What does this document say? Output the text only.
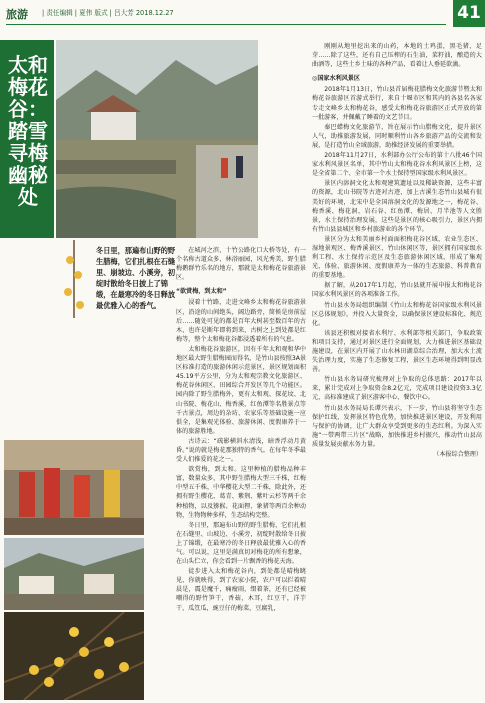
旅游 | 责任编辑 | 夏伟 版式 | 吕大芳 2018.12.27	41
太和梅花谷：踏雪寻梅幽秘处
冬日里，那遍布山野的野生腊梅，它们扎根在石缝里、崩坡边、小溪旁，初绽时散给冬日披上了锦缎，在最寒冷的冬日释放最优雅入心的香气。

在城河之滨，十竹公路化口大桥等处，有一个名称古道众多、林浴丽园，风光秀美、野生腊梅鹅群竹乐名的地方，那就是太和梅花谷旅游景区。

“欲赏梅，到太和”

浸着十竹路，走进文峰乡太和梅花谷旅游景区，沿途的山间绝头，阔边路旁，简候是房前屋后……随处可见的都是百年大树甚至数百年的古木，也许是断年即将到来，古树之上到处都是红梅等，整个太和梅花谷都浸透着所有的气息。

太和梅花谷旅游区，因有千年太和观和华中地区最大野生腊梅园而得名，是竹山县按照3A景区标准打造的旅游休闲示范景区，景区规划面积45.19平方公里，分为太和观宗教文化旅游区、梅花谷休闲区、田园综合开发区等几个功能区。园内除了野生腊梅外，更有太和观、探花坟、北山书院、梅花山、梅香溪、红鱼潭等名胜景点等千古景点，周边的杂坊、农家乐等基础设施一应俱全，是集观光体验、旅游休闲、度假康养于一体的旅游胜地。

古诗云：“疏影横斜水清浅，暗香浮动月黄昏。”说的就是梅花那独特的香气。在每年冬季最受人们推爱的花之一。

欲赏梅，到太和。这里种植的腊梅品种丰富，数量众多，其中野生腊梅大型三千株，红梅中型五千株，中华樱花大型二千株，除此外，还拥有野生樱花、葛青、紫荆、紫叶云杉等两千余种植物，以及猕猴、花面狸、象猪等两百余种动物，生物物种多样，生态结构完整。

冬日里，那遍布山野的野生腊梅，它们扎根在石缝里、山坡边、小溪旁，初绽时散给冬日披上了锦缎，在最寒冷的冬日释放最优雅入心的香气。可以说，这里是满真切对梅花的所有想象，在山头伫立，你会看到一片飘香的梅花天海。

徒步进入太和梅花谷内，到处都是晴梅眺见、你就映得，到了农家小院，农户可以拦着晴晨是，震是魔千，痛瘤雨，缀着茶，还有已经被嘲得的野竹笋干，香菇，木耳，红豆干，洋芋干，瓜笪瓜，豌豆仔的梅菜，豆腐乳，

刚刚从地里挖出来的山药，本地的土鸡蛋，黑毛猪，足芽……除了这些，还有自己压榨的石生油，菜籽油，酿造的大曲酒等，这些土乡土味的各种产品，看着让人垂延欲滴。

◎国家水利风景区

2018年1月13日，竹山县首届梅花腊梅文化旅游节暨太和梅花谷旅游区首游式举行，来自十堰市区和其内的各县名各家专走文峰乡太和梅花谷，感受太和梅花谷旅游区正式开放的第一批游客，并佩戴了睡着的文艺节目。

秦巴蜡梅文化旅游节，旨在展示竹山腊梅文化，提升景区人气，助推旅游发展，同时顺利竹山各乡旅游产品的交流和发展，是打造竹山全域旅游，助推经济发展的重要举措。

2018年11月27日，水利部办公厅公布的第十八批46个国家水利风景区名单，其中竹山太和梅花谷水利风景区上榜，这是全省第二个、全市第一个水土保持型国家级水利风景区。

景区内溶洞文化太和观建筑遗址以及稀缺资源，这些丰富的资源，北山书院等古迹对古迹，加上古溪生态竹山县城有很美好的环境，北宋中是全国溶洞文化的发源地之一，梅花谷、梅香溪、梅花洞、岩石谷、红鱼潭、梅居、月半池等人文胜景，水土保持治理发展，这些是景区的核心吸引力，景区内拥有竹山县县城区和乡村旅游业的各个环节。

景区分为太和美丽乡村面面积梅花谷区域、农业生态区、湿地景观区、梅香溪景区、竹山休闲区等，景区拥有国家级水利工程、水土保持示范区及生态旅游休闲区域，形成了集观光、体验、旅游休闲、度假康养为一体的生态旅游、科普教育的重要基地。

据了解，从2017年1月起，竹山县就开展申报太和梅花谷国家水利风景区的各项准备工作。

竹山县水务局组织编制《竹山太和梅花谷国家级水利风景区总体规划》，并投入大量资金，以确保景区建设标准化、规范化。

该县还积极对接省水利厅、水利部等相关部门，争取政策和项目支持，通过对景区进行全面规划，大力推进景区基础设施建设，在景区内开展了山水林田湖草综合治理，加大水土流失治理力度，实施了生态修复工程，景区生态环境得到明显改善。

竹山县水务局研究梳理对上争取的总体思路：2017年以来，累计完成对上争取资金8.2亿元，完成项目建设投资3.3亿元，高标准建成了景区游客中心、餐饮中心。

竹山县水务局局长谭兴表示，下一步，竹山县将坚守生态保护红线，发挥景区特色优势，加快推进景区建设，开发利用与保护的协调，让广大群众享受到更多的生态红利。为深入实施“一带两带三片区”战略，加快推进乡村振兴，推动竹山县高质量发展贡献水务力量。

（本报综合整理）
